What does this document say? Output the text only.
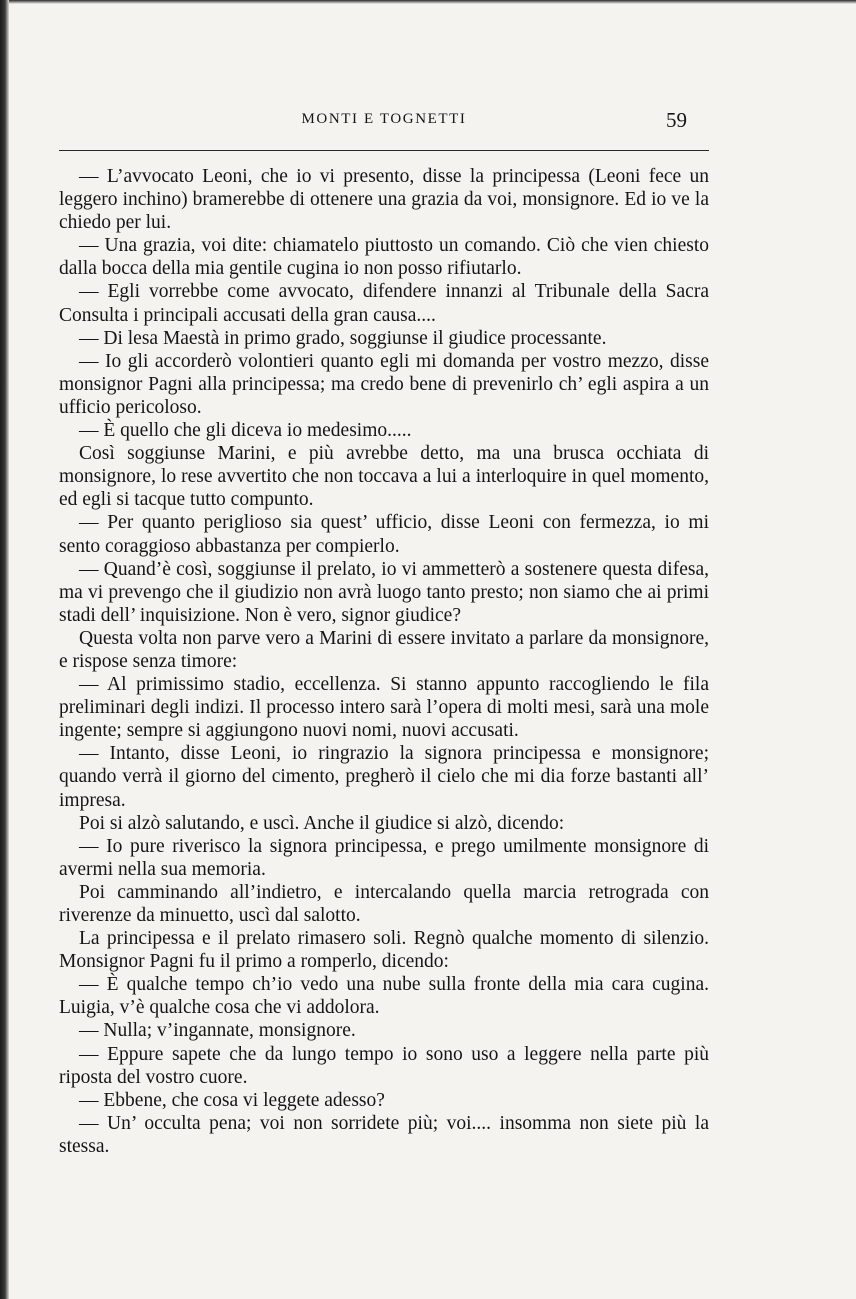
MONTI E TOGNETTI	59

— L’avvocato Leoni, che io vi presento, disse la principessa (Leoni fece un leggero inchino) bramerebbe di ottenere una grazia da voi, monsignore. Ed io ve la chiedo per lui.

— Una grazia, voi dite: chiamatelo piuttosto un comando. Ciò che vien chiesto dalla bocca della mia gentile cugina io non posso rifiutarlo.

— Egli vorrebbe come avvocato, difendere innanzi al Tribunale della Sacra Consulta i principali accusati della gran causa....

— Di lesa Maestà in primo grado, soggiunse il giudice processante.

— Io gli accorderò volontieri quanto egli mi domanda per vostro mezzo, disse monsignor Pagni alla principessa; ma credo bene di prevenirlo ch’ egli aspira a un ufficio pericoloso.

— È quello che gli diceva io medesimo.....

Così soggiunse Marini, e più avrebbe detto, ma una brusca occhiata di monsignore, lo rese avvertito che non toccava a lui a interloquire in quel momento, ed egli si tacque tutto compunto.

— Per quanto periglioso sia quest’ ufficio, disse Leoni con fermezza, io mi sento coraggioso abbastanza per compierlo.

— Quand’è così, soggiunse il prelato, io vi ammetterò a sostenere questa difesa, ma vi prevengo che il giudizio non avrà luogo tanto presto; non siamo che ai primi stadi dell’ inquisizione. Non è vero, signor giudice?

Questa volta non parve vero a Marini di essere invitato a parlare da monsignore, e rispose senza timore:

— Al primissimo stadio, eccellenza. Si stanno appunto raccogliendo le fila preliminari degli indizi. Il processo intero sarà l’opera di molti mesi, sarà una mole ingente; sempre si aggiungono nuovi nomi, nuovi accusati.

— Intanto, disse Leoni, io ringrazio la signora principessa e monsignore; quando verrà il giorno del cimento, pregherò il cielo che mi dia forze bastanti all’ impresa.

Poi si alzò salutando, e uscì. Anche il giudice si alzò, dicendo:

— Io pure riverisco la signora principessa, e prego umilmente monsignore di avermi nella sua memoria.

Poi camminando all’indietro, e intercalando quella marcia retrograda con riverenze da minuetto, uscì dal salotto.

La principessa e il prelato rimasero soli. Regnò qualche momento di silenzio. Monsignor Pagni fu il primo a romperlo, dicendo:

— È qualche tempo ch’io vedo una nube sulla fronte della mia cara cugina. Luigia, v’è qualche cosa che vi addolora.

— Nulla; v’ingannate, monsignore.

— Eppure sapete che da lungo tempo io sono uso a leggere nella parte più riposta del vostro cuore.

— Ebbene, che cosa vi leggete adesso?

— Un’ occulta pena; voi non sorridete più; voi.... insomma non siete più la stessa.
